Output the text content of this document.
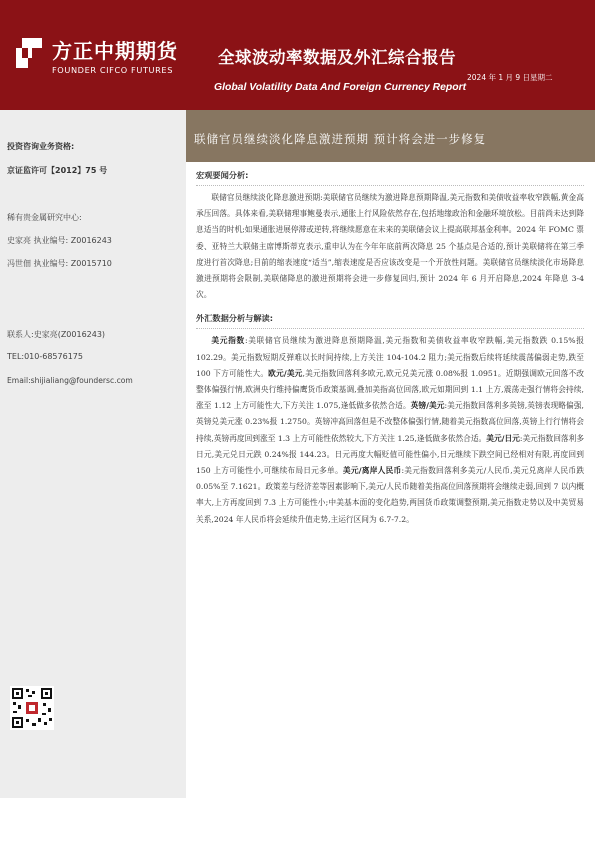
方正中期期货
FOUNDER CIFCO FUTURES
全球波动率数据及外汇综合报告
2024 年 1 月 9 日星期二
Global Volatility Data And Foreign Currency Report
投资咨询业务资格:
京证监许可【2012】75 号
稀有贵金属研究中心:
史家亮 执业编号: Z0016243
冯世佃 执业编号: Z0015710
联系人:史家亮(Z0016243)
TEL:010-68576175
Email:shijialiang@foundersc.com
联储官员继续淡化降息激进预期 预计将会进一步修复
宏观要闻分析:

联储官员继续淡化降息激进预期:美联储官员继续为激进降息预期降温,美元指数和美债收益率收窄跌幅,黄金高承压回落。具体来看,美联储理事鲍曼表示,通胀上行风险依然存在,包括地缘政治和金融环境放松。目前尚未达到降息适当的时机;如果通胀进展停滞或逆转,将继续愿意在未来的美联储会议上提高联邦基金利率。2024 年 FOMC 票委、亚特兰大联储主席博斯蒂克表示,重申认为在今年年底前两次降息 25 个基点是合适的,预计美联储将在第三季度进行首次降息;目前的缩表速度“适当”,缩表速度是否应该改变是一个开放性问题。美联储官员继续淡化市场降息激进预期将会限制,美联储降息的激进预期将会进一步修复回归,预计 2024 年 6 月开启降息,2024 年降息 3-4 次。

外汇数据分析与解读:

美元指数:美联储官员继续为激进降息预期降温,美元指数和美债收益率收窄跌幅,美元指数跌 0.15%报 102.29。美元指数短期反弹难以长时间持续,上方关注 104-104.2 阻力;美元指数后续将延续震荡偏弱走势,跌至 100 下方可能性大。欧元/美元,美元指数回落利多欧元,欧元兑美元涨 0.08%报 1.0951。近期强调欧元回落不改整体偏强行情,欧洲央行维持偏鹰货币政策基调,叠加美指高位回落,欧元如期回到 1.1 上方,震荡走强行情将会持续,涨至 1.12 上方可能性大,下方关注 1.075,逢低做多依然合适。英镑/美元:美元指数回落利多英镑,英镑表现略偏强,英镑兑美元涨 0.23%报 1.2750。英镑冲高回落但是不改整体偏强行情,随着美元指数高位回落,英镑上行行情将会持续,英镑再度回到涨至 1.3 上方可能性依然较大,下方关注 1.25,逢低做多依然合适。美元/日元:美元指数回落利多日元,美元兑日元跌 0.24%报 144.23。日元再度大幅贬值可能性偏小,日元继续下跌空间已经相对有限,再度回到 150 上方可能性小,可继续布局日元多单。美元/离岸人民币:美元指数回落利多美元/人民币,美元兑离岸人民币跌 0.05%至 7.1621。政策差与经济差等因素影响下,美元/人民币随着美指高位回落预期将会继续走弱,回到 7 以内概率大,上方再度回到 7.3 上方可能性小;中美基本面的变化趋势,两国货币政策调整预期,美元指数走势以及中美贸易关系,2024 年人民币将会延续升值走势,主运行区间为 6.7-7.2。
